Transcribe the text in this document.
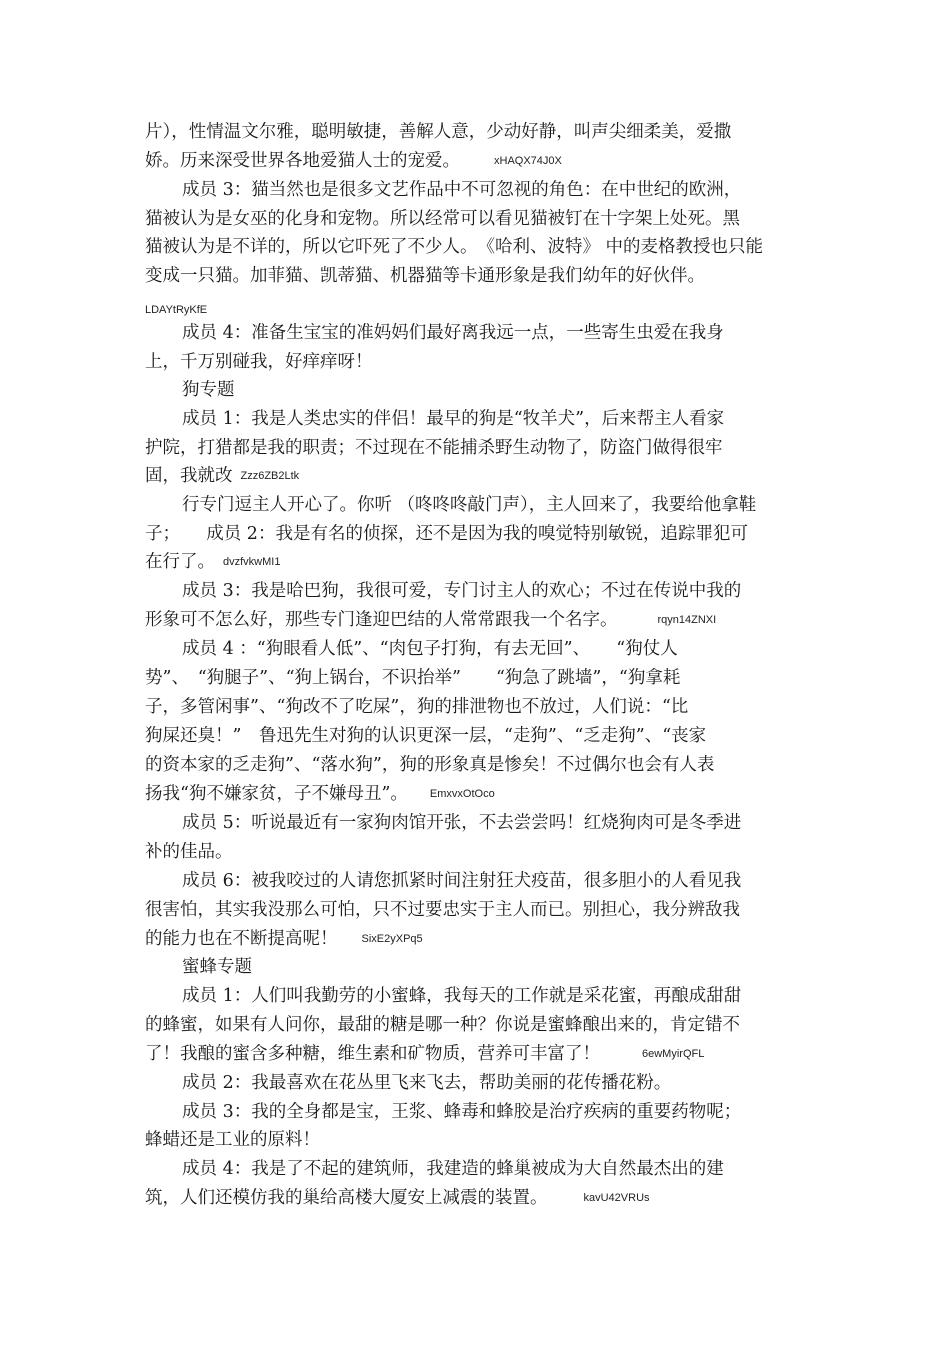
片），性情温文尔雅，聪明敏捷，善解人意，少动好静，叫声尖细柔美，爱撒
娇。历来深受世界各地爱猫人士的宠爱。	xHAQX74J0X
成员 3：猫当然也是很多文艺作品中不可忽视的角色：在中世纪的欧洲，
猫被认为是女巫的化身和宠物。所以经常可以看见猫被钉在十字架上处死。黑
猫被认为是不详的，所以它吓死了不少人。　《哈利、波特》 中的麦格教授也只能
变成一只猫。加菲猫、凯蒂猫、机器猫等卡通形象是我们幼年的好伙伴。
LDAYtRyKfE
成员 4：准备生宝宝的准妈妈们最好离我远一点，一些寄生虫爱在我身
上，千万别碰我，好痒痒呀！
狗专题
成员 1：我是人类忠实的伴侣！最早的狗是“牧羊犬”，后来帮主人看家
护院，打猎都是我的职责；不过现在不能捕杀野生动物了，防盗门做得很牢
固，我就改 Zzz6ZB2Ltk
行专门逗主人开心了。你听 （咚咚咚敲门声），主人回来了，我要给他拿鞋
子；　　成员 2：我是有名的侦探，还不是因为我的嗅觉特别敏锐，追踪罪犯可
在行了。 dvzfvkwMI1
成员 3：我是哈巴狗，我很可爱，专门讨主人的欢心；不过在传说中我的
形象可不怎么好，那些专门逢迎巴结的人常常跟我一个名字。	rqyn14ZNXI
成员 4 ：“狗眼看人低”、“肉包子打狗，有去无回”、　　“狗仗人
势”、　“狗腿子”、“狗上锅台，不识抬举”　　“狗急了跳墙”，“狗拿耗
子，多管闲事”、“狗改不了吃屎”，狗的排泄物也不放过，人们说：“比
狗屎还臭！”　鲁迅先生对狗的认识更深一层，“走狗”、“乏走狗”、“丧家
的资本家的乏走狗”、“落水狗”，狗的形象真是惨矣！不过偶尔也会有人表
扬我“狗不嫌家贫，子不嫌母丑”。 EmxvxOtOco
成员 5：听说最近有一家狗肉馆开张，不去尝尝吗！红烧狗肉可是冬季进
补的佳品。
成员 6：被我咬过的人请您抓紧时间注射狂犬疫苗，很多胆小的人看见我
很害怕，其实我没那么可怕，只不过要忠实于主人而已。别担心，我分辨敌我
的能力也在不断提高呢！ SixE2yXPq5
蜜蜂专题
成员 1：人们叫我勤劳的小蜜蜂，我每天的工作就是采花蜜，再酿成甜甜
的蜂蜜，如果有人问你，最甜的糖是哪一种？你说是蜜蜂酿出来的，肯定错不
了！我酿的蜜含多种糖，维生素和矿物质，营养可丰富了！	6ewMyirQFL
成员 2：我最喜欢在花丛里飞来飞去，帮助美丽的花传播花粉。
成员 3：我的全身都是宝，王浆、蜂毒和蜂胶是治疗疾病的重要药物呢；
蜂蜡还是工业的原料！
成员 4：我是了不起的建筑师，我建造的蜂巢被成为大自然最杰出的建
筑，人们还模仿我的巢给高楼大厦安上减震的装置。	kavU42VRUs
